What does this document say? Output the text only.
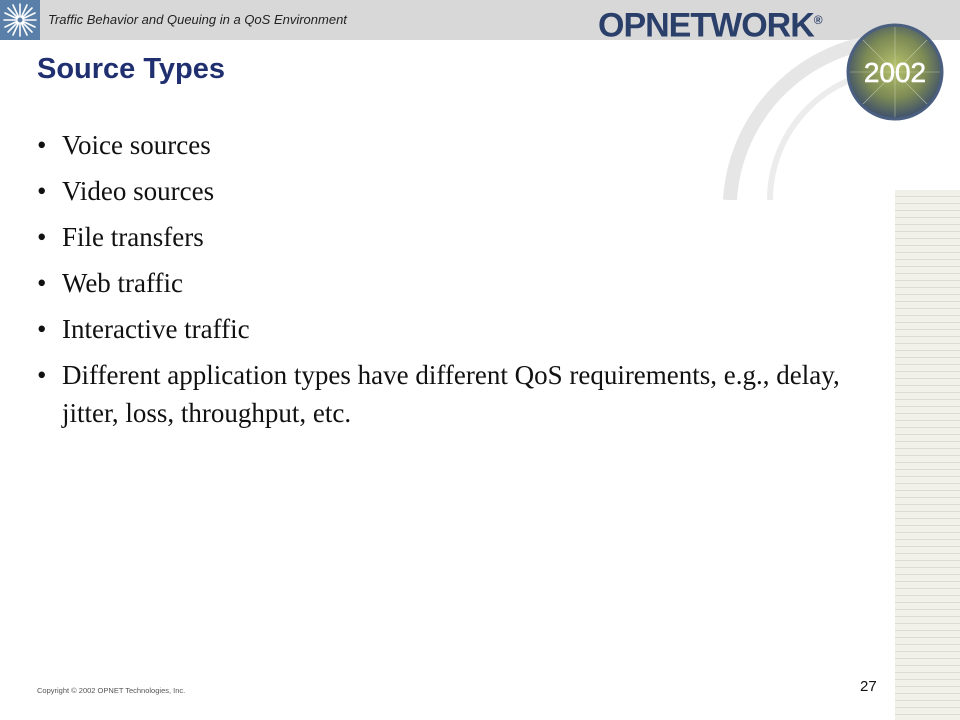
Traffic Behavior and Queuing in a QoS Environment	OPNETWORK®
2002
Source Types
• Voice sources
• Video sources
• File transfers
• Web traffic
• Interactive traffic
• Different application types have different QoS requirements, e.g., delay, jitter, loss, throughput, etc.
Copyright © 2002 OPNET Technologies, Inc.	27
